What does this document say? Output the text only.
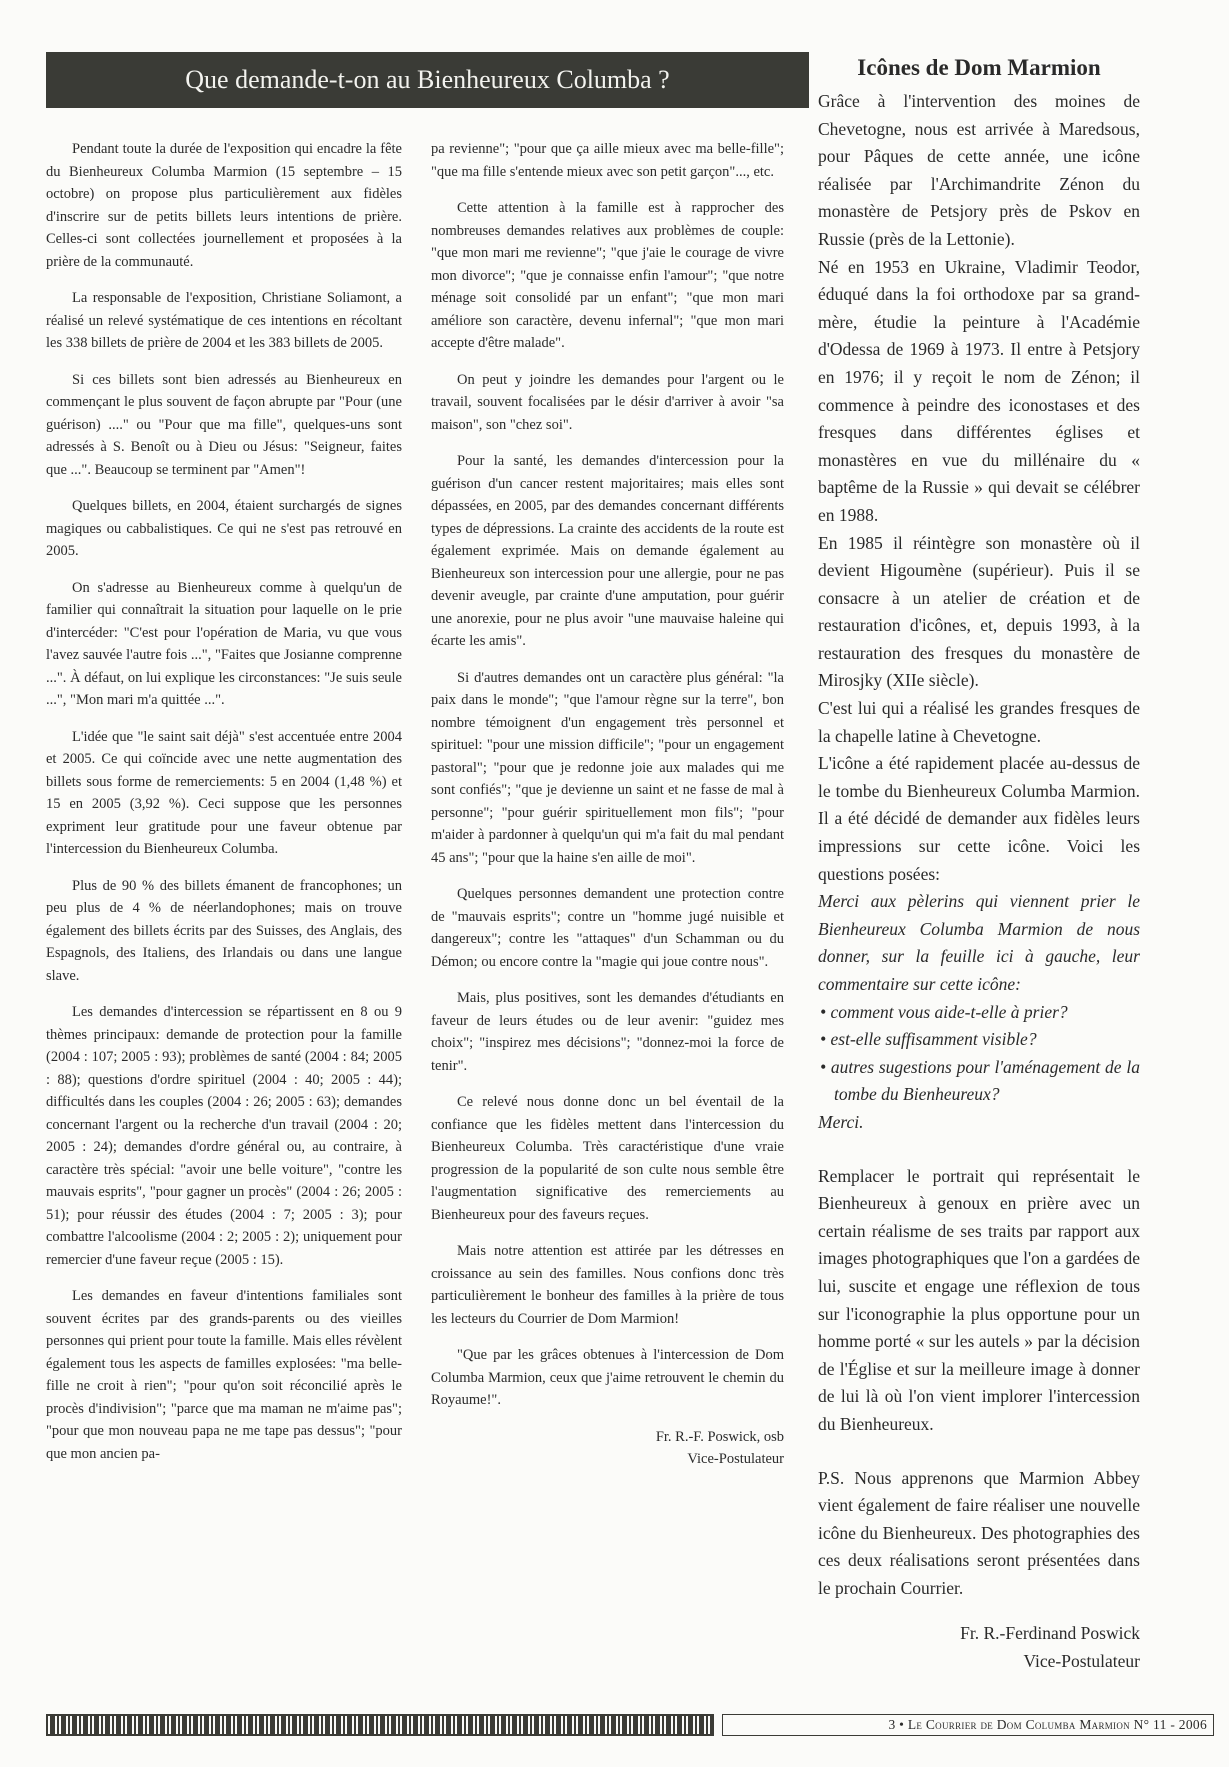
Que demande-t-on au Bienheureux Columba ?

Pendant toute la durée de l'exposition qui encadre la fête du Bienheureux Columba Marmion (15 septembre – 15 octobre) on propose plus particulièrement aux fidèles d'inscrire sur de petits billets leurs intentions de prière. Celles-ci sont collectées journellement et proposées à la prière de la communauté.

La responsable de l'exposition, Christiane Soliamont, a réalisé un relevé systématique de ces intentions en récoltant les 338 billets de prière de 2004 et les 383 billets de 2005.

Si ces billets sont bien adressés au Bienheureux en commençant le plus souvent de façon abrupte par "Pour (une guérison) ...." ou "Pour que ma fille", quelques-uns sont adressés à S. Benoît ou à Dieu ou Jésus: "Seigneur, faites que ...". Beaucoup se terminent par "Amen"!

Quelques billets, en 2004, étaient surchargés de signes magiques ou cabbalistiques. Ce qui ne s'est pas retrouvé en 2005.

On s'adresse au Bienheureux comme à quelqu'un de familier qui connaîtrait la situation pour laquelle on le prie d'intercéder: "C'est pour l'opération de Maria, vu que vous l'avez sauvée l'autre fois ...", "Faites que Josianne comprenne ...". À défaut, on lui explique les circonstances: "Je suis seule ...", "Mon mari m'a quittée ...".

L'idée que "le saint sait déjà" s'est accentuée entre 2004 et 2005. Ce qui coïncide avec une nette augmentation des billets sous forme de remerciements: 5 en 2004 (1,48 %) et 15 en 2005 (3,92 %). Ceci suppose que les personnes expriment leur gratitude pour une faveur obtenue par l'intercession du Bienheureux Columba.

Plus de 90 % des billets émanent de francophones; un peu plus de 4 % de néerlandophones; mais on trouve également des billets écrits par des Suisses, des Anglais, des Espagnols, des Italiens, des Irlandais ou dans une langue slave.

Les demandes d'intercession se répartissent en 8 ou 9 thèmes principaux: demande de protection pour la famille (2004 : 107; 2005 : 93); problèmes de santé (2004 : 84; 2005 : 88); questions d'ordre spirituel (2004 : 40; 2005 : 44); difficultés dans les couples (2004 : 26; 2005 : 63); demandes concernant l'argent ou la recherche d'un travail (2004 : 20; 2005 : 24); demandes d'ordre général ou, au contraire, à caractère très spécial: "avoir une belle voiture", "contre les mauvais esprits", "pour gagner un procès" (2004 : 26; 2005 : 51); pour réussir des études (2004 : 7; 2005 : 3); pour combattre l'alcoolisme (2004 : 2; 2005 : 2); uniquement pour remercier d'une faveur reçue (2005 : 15).

Les demandes en faveur d'intentions familiales sont souvent écrites par des grands-parents ou des vieilles personnes qui prient pour toute la famille. Mais elles révèlent également tous les aspects de familles explosées: "ma belle-fille ne croit à rien"; "pour qu'on soit réconcilié après le procès d'indivision"; "parce que ma maman ne m'aime pas"; "pour que mon nouveau papa ne me tape pas dessus"; "pour que mon ancien pa-

pa revienne"; "pour que ça aille mieux avec ma belle-fille"; "que ma fille s'entende mieux avec son petit garçon"..., etc.

Cette attention à la famille est à rapprocher des nombreuses demandes relatives aux problèmes de couple: "que mon mari me revienne"; "que j'aie le courage de vivre mon divorce"; "que je connaisse enfin l'amour"; "que notre ménage soit consolidé par un enfant"; "que mon mari améliore son caractère, devenu infernal"; "que mon mari accepte d'être malade".

On peut y joindre les demandes pour l'argent ou le travail, souvent focalisées par le désir d'arriver à avoir "sa maison", son "chez soi".

Pour la santé, les demandes d'intercession pour la guérison d'un cancer restent majoritaires; mais elles sont dépassées, en 2005, par des demandes concernant différents types de dépressions. La crainte des accidents de la route est également exprimée. Mais on demande également au Bienheureux son intercession pour une allergie, pour ne pas devenir aveugle, par crainte d'une amputation, pour guérir une anorexie, pour ne plus avoir "une mauvaise haleine qui écarte les amis".

Si d'autres demandes ont un caractère plus général: "la paix dans le monde"; "que l'amour règne sur la terre", bon nombre témoignent d'un engagement très personnel et spirituel: "pour une mission difficile"; "pour un engagement pastoral"; "pour que je redonne joie aux malades qui me sont confiés"; "que je devienne un saint et ne fasse de mal à personne"; "pour guérir spirituellement mon fils"; "pour m'aider à pardonner à quelqu'un qui m'a fait du mal pendant 45 ans"; "pour que la haine s'en aille de moi".

Quelques personnes demandent une protection contre de "mauvais esprits"; contre un "homme jugé nuisible et dangereux"; contre les "attaques" d'un Schamman ou du Démon; ou encore contre la "magie qui joue contre nous".

Mais, plus positives, sont les demandes d'étudiants en faveur de leurs études ou de leur avenir: "guidez mes choix"; "inspirez mes décisions"; "donnez-moi la force de tenir".

Ce relevé nous donne donc un bel éventail de la confiance que les fidèles mettent dans l'intercession du Bienheureux Columba. Très caractéristique d'une vraie progression de la popularité de son culte nous semble être l'augmentation significative des remerciements au Bienheureux pour des faveurs reçues.

Mais notre attention est attirée par les détresses en croissance au sein des familles. Nous confions donc très particulièrement le bonheur des familles à la prière de tous les lecteurs du Courrier de Dom Marmion!

"Que par les grâces obtenues à l'intercession de Dom Columba Marmion, ceux que j'aime retrouvent le chemin du Royaume!".

Fr. R.-F. Poswick, osb
Vice-Postulateur
Icônes de Dom Marmion

Grâce à l'intervention des moines de Chevetogne, nous est arrivée à Maredsous, pour Pâques de cette année, une icône réalisée par l'Archimandrite Zénon du monastère de Petsjory près de Pskov en Russie (près de la Lettonie).

Né en 1953 en Ukraine, Vladimir Teodor, éduqué dans la foi orthodoxe par sa grand-mère, étudie la peinture à l'Académie d'Odessa de 1969 à 1973. Il entre à Petsjory en 1976; il y reçoit le nom de Zénon; il commence à peindre des iconostases et des fresques dans différentes églises et monastères en vue du millénaire du « baptême de la Russie » qui devait se célébrer en 1988.

En 1985 il réintègre son monastère où il devient Higoumène (supérieur). Puis il se consacre à un atelier de création et de restauration d'icônes, et, depuis 1993, à la restauration des fresques du monastère de Mirosjky (XIIe siècle).

C'est lui qui a réalisé les grandes fresques de la chapelle latine à Chevetogne.

L'icône a été rapidement placée au-dessus de le tombe du Bienheureux Columba Marmion. Il a été décidé de demander aux fidèles leurs impressions sur cette icône. Voici les questions posées:

Merci aux pèlerins qui viennent prier le Bienheureux Columba Marmion de nous donner, sur la feuille ici à gauche, leur commentaire sur cette icône:

• comment vous aide-t-elle à prier?
• est-elle suffisamment visible?
• autres sugestions pour l'aménagement de la tombe du Bienheureux?

Merci.

Remplacer le portrait qui représentait le Bienheureux à genoux en prière avec un certain réalisme de ses traits par rapport aux images photographiques que l'on a gardées de lui, suscite et engage une réflexion de tous sur l'iconographie la plus opportune pour un homme porté « sur les autels » par la décision de l'Église et sur la meilleure image à donner de lui là où l'on vient implorer l'intercession du Bienheureux.

P.S. Nous apprenons que Marmion Abbey vient également de faire réaliser une nouvelle icône du Bienheureux. Des photographies des ces deux réalisations seront présentées dans le prochain Courrier.

Fr. R.-Ferdinand Poswick
Vice-Postulateur
3 • Le Courrier de Dom Columba Marmion N° 11 - 2006
